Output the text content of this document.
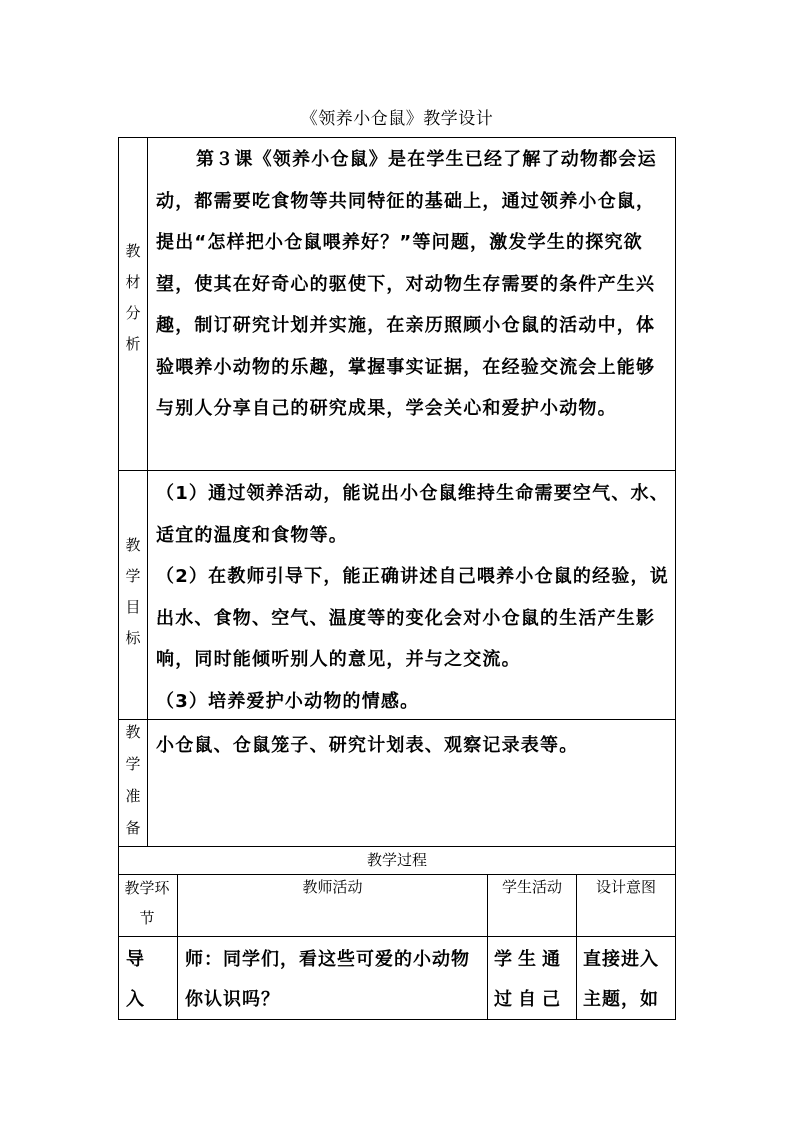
《领养小仓鼠》教学设计
教
材
分
析
第３课《领养小仓鼠》是在学生已经了解了动物都会运动，都需要吃食物等共同特征的基础上，通过领养小仓鼠，提出“怎样把小仓鼠喂养好？”等问题，激发学生的探究欲望，使其在好奇心的驱使下，对动物生存需要的条件产生兴趣，制订研究计划并实施，在亲历照顾小仓鼠的活动中，体验喂养小动物的乐趣，掌握事实证据，在经验交流会上能够与别人分享自己的研究成果，学会关心和爱护小动物。
教
学
目
标

（1）通过领养活动，能说出小仓鼠维持生命需要空气、水、适宜的温度和食物等。

（2）在教师引导下，能正确讲述自己喂养小仓鼠的经验，说出水、食物、空气、温度等的变化会对小仓鼠的生活产生影响，同时能倾听别人的意见，并与之交流。

（3）培养爱护小动物的情感。

教
学
准
备
小仓鼠、仓鼠笼子、研究计划表、观察记录表等。
教学过程
教学环节
教师活动	学生活动	设计意图
导
入
师：同学们，看这些可爱的小动物你认识吗？
学生通
过自己
直接进入
主题，如
